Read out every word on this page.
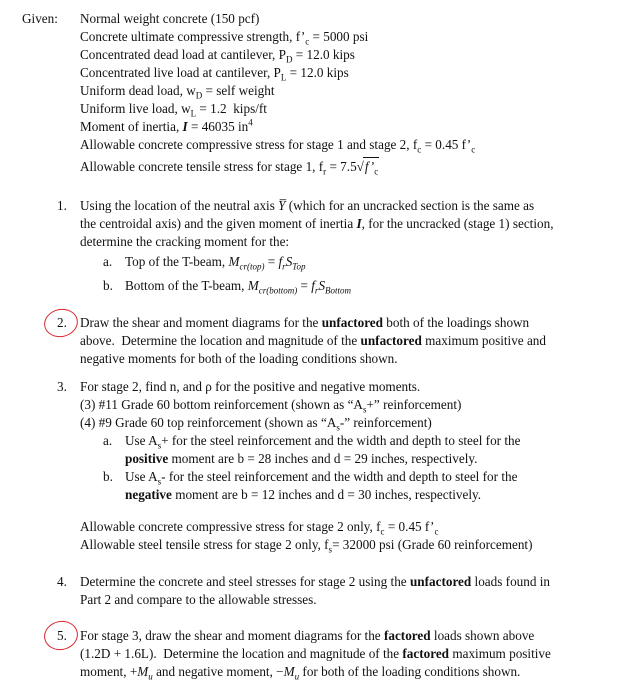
Given: Normal weight concrete (150 pcf)
Concrete ultimate compressive strength, $f’_c = 5000$ psi
Concentrated dead load at cantilever, $P_D = 12.0$ kips
Concentrated live load at cantilever, $P_L = 12.0$ kips
Uniform dead load, $w_D$ = self weight
Uniform live load, $w_L = 1.2$  kips/ft
Moment of inertia, I = 46035 $in^4$
Allowable concrete compressive stress for stage 1 and stage 2, $f_c = 0.45$ $f’_c$
Allowable concrete tensile stress for stage 1, $f_r$ = $7.5√f’_c$
1. Using the location of the neutral axis Y̅ (which for an uncracked section is the same as
the centroidal axis) and the given moment of inertia I, for the uncracked (stage 1) section,
determine the cracking moment for the:
a. Top of the T-beam, $M_{cr(top)} = f_rS_{Top}$
b. Bottom of the T-beam, $M_{cr(bottom)} = f_rS_{Bottom}$
2. Draw the shear and moment diagrams for the unfactored both of the loadings shown
above.  Determine the location and magnitude of the unfactored maximum positive and
negative moments for both of the loading conditions shown.
3. For stage 2, find n, and ρ for the positive and negative moments.
(3) #11 Grade 60 bottom reinforcement (shown as “$A_s+$” reinforcement)
(4) #9 Grade 60 top reinforcement (shown as “$A_s-$” reinforcement)
a. Use $A_s+$ for the steel reinforcement and the width and depth to steel for the
positive moment are b = 28 inches and d = 29 inches, respectively.
b. Use $A_s-$ for the steel reinforcement and the width and depth to steel for the
negative moment are b = 12 inches and d = 30 inches, respectively.
Allowable concrete compressive stress for stage 2 only, $f_c = 0.45$ $f’_c$
Allowable steel tensile stress for stage 2 only, $f_s= 32000$ psi (Grade 60 reinforcement)
4. Determine the concrete and steel stresses for stage 2 using the unfactored loads found in
Part 2 and compare to the allowable stresses.
5. For stage 3, draw the shear and moment diagrams for the factored loads shown above
(1.2D + 1.6L).  Determine the location and magnitude of the factored maximum positive
moment, $+M_u$ and negative moment, $-M_u$ for both of the loading conditions shown.
